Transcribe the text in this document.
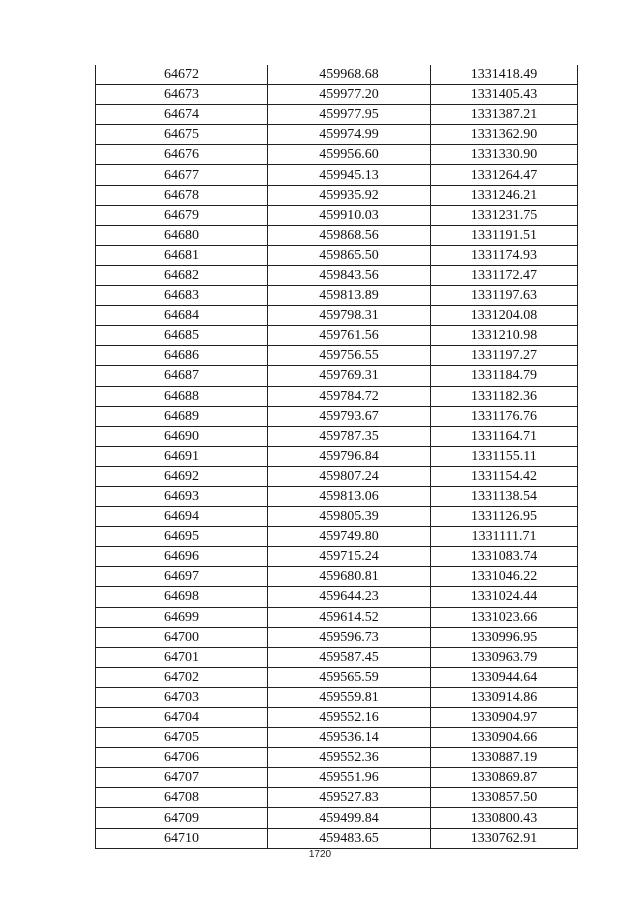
64672	459968.68	1331418.49
64673	459977.20	1331405.43
64674	459977.95	1331387.21
64675	459974.99	1331362.90
64676	459956.60	1331330.90
64677	459945.13	1331264.47
64678	459935.92	1331246.21
64679	459910.03	1331231.75
64680	459868.56	1331191.51
64681	459865.50	1331174.93
64682	459843.56	1331172.47
64683	459813.89	1331197.63
64684	459798.31	1331204.08
64685	459761.56	1331210.98
64686	459756.55	1331197.27
64687	459769.31	1331184.79
64688	459784.72	1331182.36
64689	459793.67	1331176.76
64690	459787.35	1331164.71
64691	459796.84	1331155.11
64692	459807.24	1331154.42
64693	459813.06	1331138.54
64694	459805.39	1331126.95
64695	459749.80	1331111.71
64696	459715.24	1331083.74
64697	459680.81	1331046.22
64698	459644.23	1331024.44
64699	459614.52	1331023.66
64700	459596.73	1330996.95
64701	459587.45	1330963.79
64702	459565.59	1330944.64
64703	459559.81	1330914.86
64704	459552.16	1330904.97
64705	459536.14	1330904.66
64706	459552.36	1330887.19
64707	459551.96	1330869.87
64708	459527.83	1330857.50
64709	459499.84	1330800.43
64710	459483.65	1330762.91
1720
